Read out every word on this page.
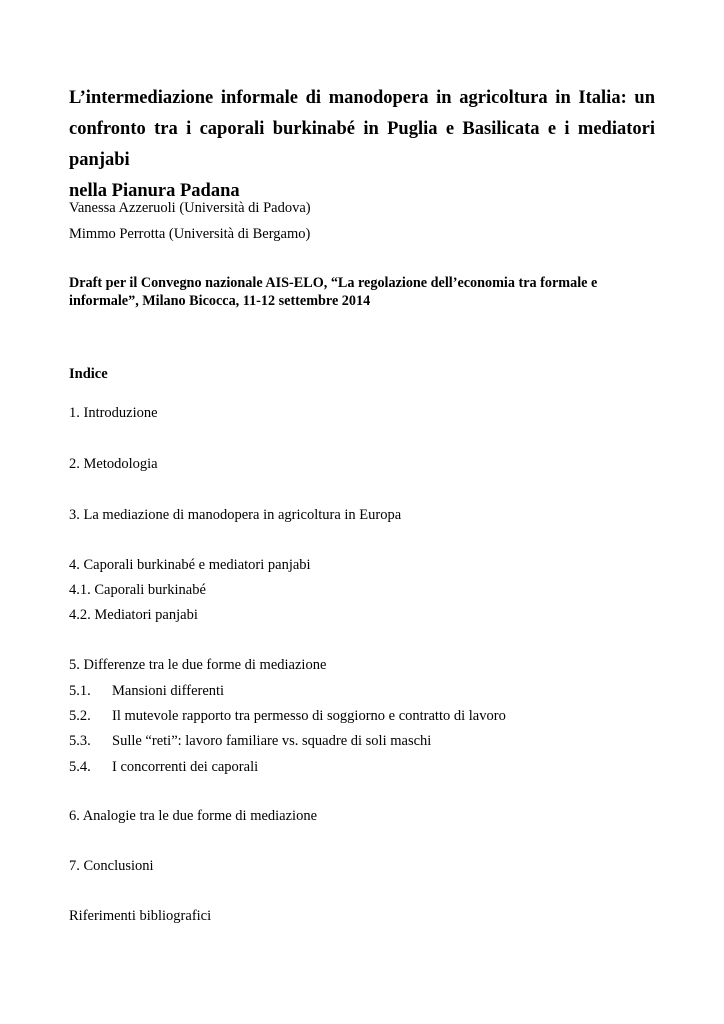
L’intermediazione informale di manodopera in agricoltura in Italia: un
confronto tra i caporali burkinabé in Puglia e Basilicata e i mediatori panjabi
nella Pianura Padana

Vanessa Azzeruoli (Università di Padova)

Mimmo Perrotta (Università di Bergamo)

Draft per il Convegno nazionale AIS-ELO, “La regolazione dell’economia tra formale e informale”, Milano Bicocca, 11-12 settembre 2014

Indice

1. Introduzione

2. Metodologia

3. La mediazione di manodopera in agricoltura in Europa

4. Caporali burkinabé e mediatori panjabi

4.1. Caporali burkinabé

4.2. Mediatori panjabi

5. Differenze tra le due forme di mediazione

5.1. Mansioni differenti

5.2. Il mutevole rapporto tra permesso di soggiorno e contratto di lavoro

5.3. Sulle “reti”: lavoro familiare vs. squadre di soli maschi

5.4. I concorrenti dei caporali

6. Analogie tra le due forme di mediazione

7. Conclusioni

Riferimenti bibliografici
